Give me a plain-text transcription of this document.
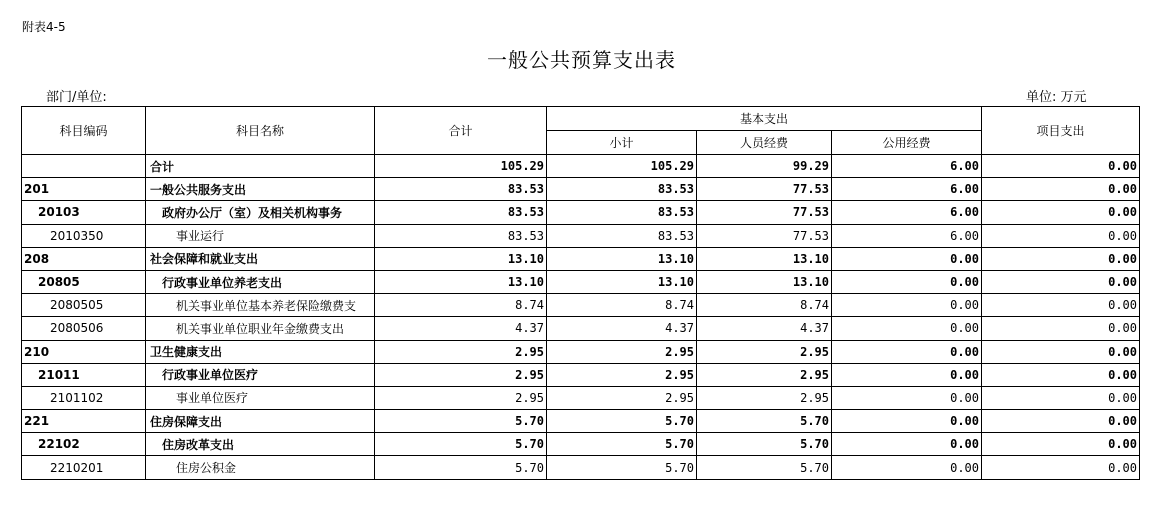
附表4-5
一般公共预算支出表
部门/单位:	单位: 万元
科目编码	科目名称	合计	基本支出			项目支出
			小计	人员经费	公用经费	
	合计	105.29	105.29	99.29	6.00	0.00
201	一般公共服务支出	83.53	83.53	77.53	6.00	0.00
20103	政府办公厅（室）及相关机构事务	83.53	83.53	77.53	6.00	0.00
2010350	事业运行	83.53	83.53	77.53	6.00	0.00
208	社会保障和就业支出	13.10	13.10	13.10	0.00	0.00
20805	行政事业单位养老支出	13.10	13.10	13.10	0.00	0.00
2080505	机关事业单位基本养老保险缴费支	8.74	8.74	8.74	0.00	0.00
2080506	机关事业单位职业年金缴费支出	4.37	4.37	4.37	0.00	0.00
210	卫生健康支出	2.95	2.95	2.95	0.00	0.00
21011	行政事业单位医疗	2.95	2.95	2.95	0.00	0.00
2101102	事业单位医疗	2.95	2.95	2.95	0.00	0.00
221	住房保障支出	5.70	5.70	5.70	0.00	0.00
22102	住房改革支出	5.70	5.70	5.70	0.00	0.00
2210201	住房公积金	5.70	5.70	5.70	0.00	0.00
